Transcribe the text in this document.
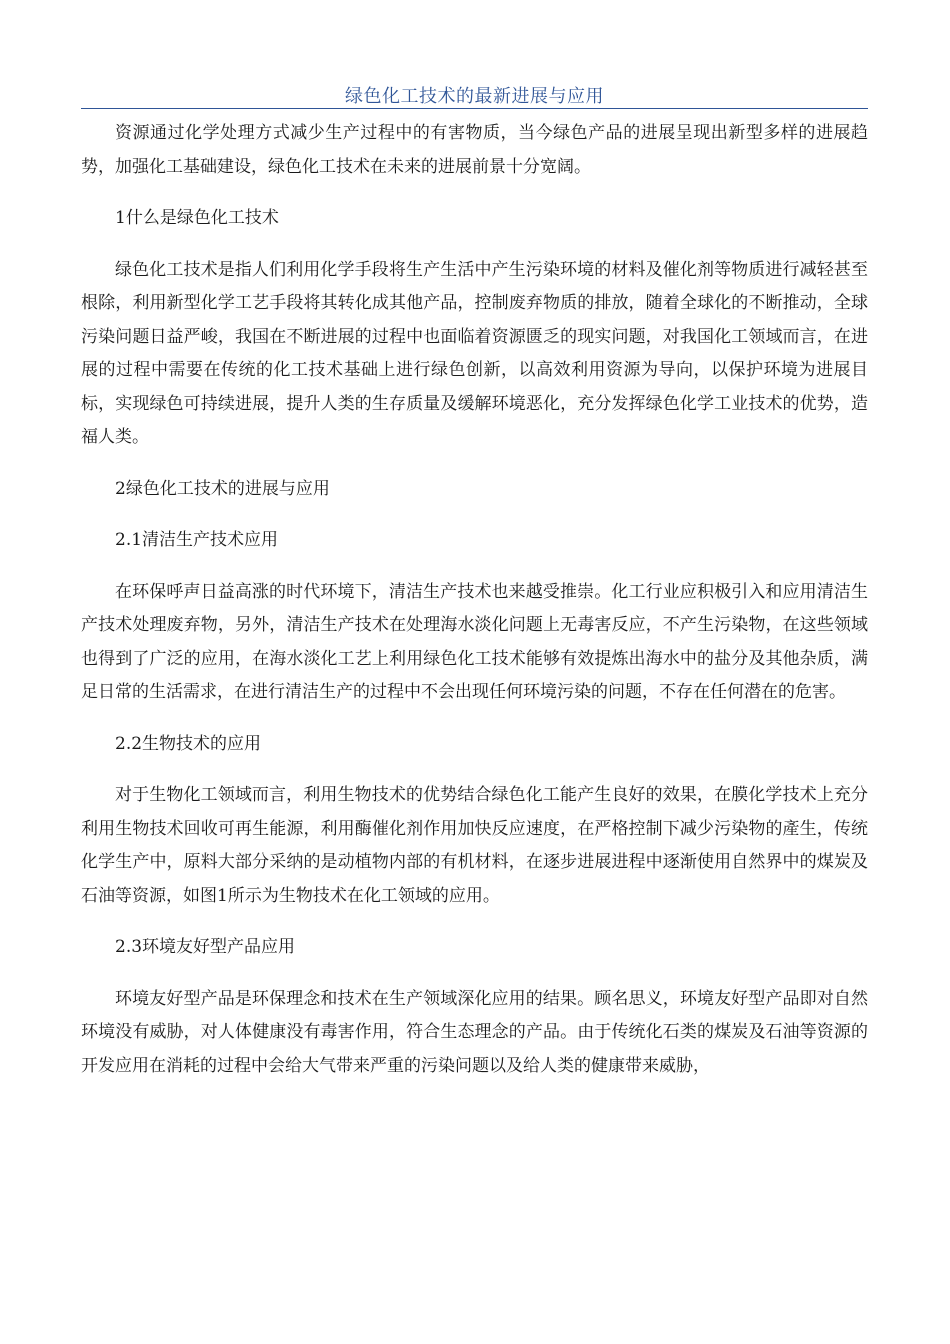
绿色化工技术的最新进展与应用

资源通过化学处理方式减少生产过程中的有害物质，当今绿色产品的进展呈现出新型多样的进展趋势，加强化工基础建设，绿色化工技术在未来的进展前景十分宽阔。

1什么是绿色化工技术

绿色化工技术是指人们利用化学手段将生产生活中产生污染环境的材料及催化剂等物质进行减轻甚至根除，利用新型化学工艺手段将其转化成其他产品，控制废弃物质的排放，随着全球化的不断推动，全球污染问题日益严峻，我国在不断进展的过程中也面临着资源匮乏的现实问题，对我国化工领域而言，在进展的过程中需要在传统的化工技术基础上进行绿色创新，以高效利用资源为导向，以保护环境为进展目标，实现绿色可持续进展，提升人类的生存质量及缓解环境恶化，充分发挥绿色化学工业技术的优势，造福人类。

2绿色化工技术的进展与应用

2.1清洁生产技术应用

在环保呼声日益高涨的时代环境下，清洁生产技术也来越受推崇。化工行业应积极引入和应用清洁生产技术处理废弃物，另外，清洁生产技术在处理海水淡化问题上无毒害反应，不产生污染物，在这些领域也得到了广泛的应用，在海水淡化工艺上利用绿色化工技术能够有效提炼出海水中的盐分及其他杂质，满足日常的生活需求，在进行清洁生产的过程中不会出现任何环境污染的问题，不存在任何潜在的危害。

2.2生物技术的应用

对于生物化工领域而言，利用生物技术的优势结合绿色化工能产生良好的效果，在膜化学技术上充分利用生物技术回收可再生能源，利用酶催化剂作用加快反应速度，在严格控制下减少污染物的產生，传统化学生产中，原料大部分采纳的是动植物内部的有机材料，在逐步进展进程中逐渐使用自然界中的煤炭及石油等资源，如图1所示为生物技术在化工领域的应用。

2.3环境友好型产品应用

环境友好型产品是环保理念和技术在生产领域深化应用的结果。顾名思义，环境友好型产品即对自然环境没有威胁，对人体健康没有毒害作用，符合生态理念的产品。由于传统化石类的煤炭及石油等资源的开发应用在消耗的过程中会给大气带来严重的污染问题以及给人类的健康带来威胁，
